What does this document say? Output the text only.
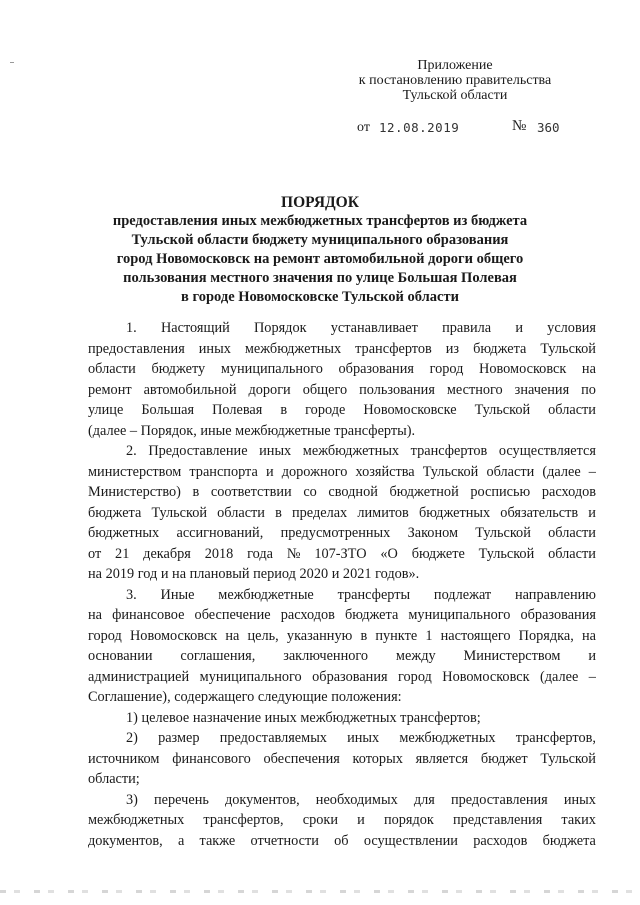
Приложение
к постановлению правительства
Тульской области
от 12.08.2019	№ 360
ПОРЯДОК
предоставления иных межбюджетных трансфертов из бюджета
Тульской области бюджету муниципального образования
город Новомосковск на ремонт автомобильной дороги общего
пользования местного значения по улице Большая Полевая
в городе Новомосковске Тульской области
1. Настоящий Порядок устанавливает правила и условия
предоставления иных межбюджетных трансфертов из бюджета Тульской
области бюджету муниципального образования город Новомосковск на
ремонт автомобильной дороги общего пользования местного значения по
улице Большая Полевая в городе Новомосковске Тульской области
(далее – Порядок, иные межбюджетные трансферты).
2. Предоставление иных межбюджетных трансфертов осуществляется
министерством транспорта и дорожного хозяйства Тульской области (далее –
Министерство) в соответствии со сводной бюджетной росписью расходов
бюджета Тульской области в пределах лимитов бюджетных обязательств и
бюджетных ассигнований, предусмотренных Законом Тульской области
от 21 декабря 2018 года № 107-ЗТО «О бюджете Тульской области
на 2019 год и на плановый период 2020 и 2021 годов».
3. Иные межбюджетные трансферты подлежат направлению
на финансовое обеспечение расходов бюджета муниципального образования
город Новомосковск на цель, указанную в пункте 1 настоящего Порядка, на
основании соглашения, заключенного между Министерством и
администрацией муниципального образования город Новомосковск (далее –
Соглашение), содержащего следующие положения:
1) целевое назначение иных межбюджетных трансфертов;
2) размер предоставляемых иных межбюджетных трансфертов,
источником финансового обеспечения которых является бюджет Тульской
области;
3) перечень документов, необходимых для предоставления иных
межбюджетных трансфертов, сроки и порядок представления таких
документов, а также отчетности об осуществлении расходов бюджета
